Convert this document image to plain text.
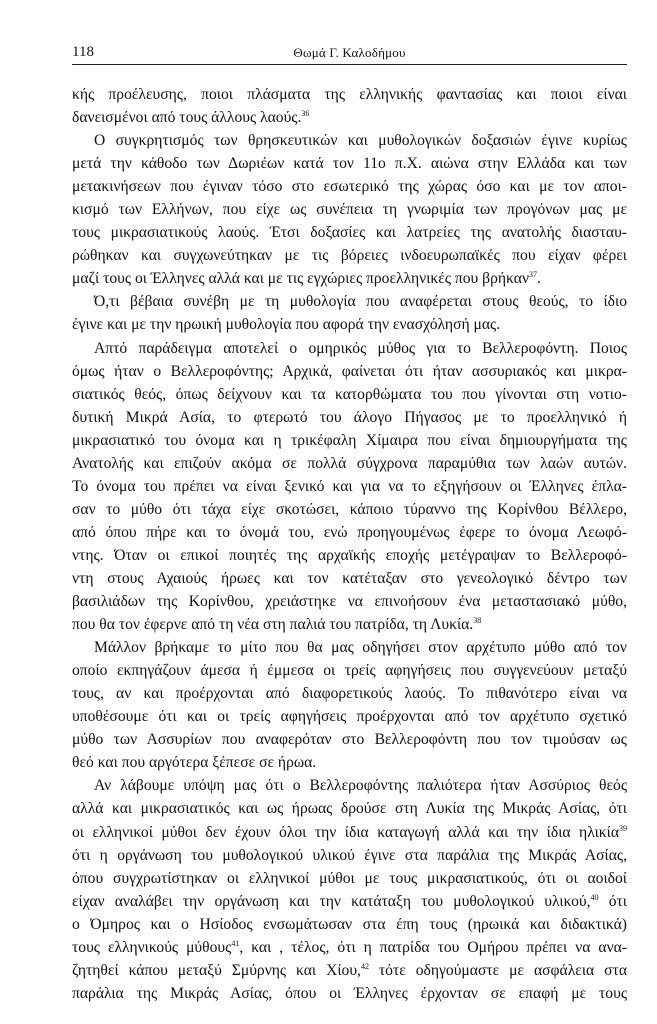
118	Θωμά Γ. Καλοδήμου
κής προέλευσης, ποιοι πλάσματα της ελληνικής φαντασίας και ποιοι είναι
δανεισμένοι από τους άλλους λαούς.$^{36}$
Ο συγκρητισμός των θρησκευτικών και μυθολογικών δοξασιών έγινε κυρίως
μετά την κάθοδο των Δωριέων κατά τον 11ο π.Χ. αιώνα στην Ελλάδα και των
μετακινήσεων που έγιναν τόσο στο εσωτερικό της χώρας όσο και με τον αποι-
κισμό των Ελλήνων, που είχε ως συνέπεια τη γνωριμία των προγόνων μας με
τους μικρασιατικούς λαούς. Έτσι δοξασίες και λατρείες της ανατολής διασταυ-
ρώθηκαν και συγχωνεύτηκαν με τις βόρειες ινδοευρωπαϊκές που είχαν φέρει
μαζί τους οι Έλληνες αλλά και με τις εγχώριες προελληνικές που βρήκαν$^{37}$.
Ό,τι βέβαια συνέβη με τη μυθολογία που αναφέρεται στους θεούς, το ίδιο
έγινε και με την ηρωική μυθολογία που αφορά την ενασχόλησή μας.
Απτό παράδειγμα αποτελεί ο ομηρικός μύθος για το Βελλεροφόντη. Ποιος
όμως ήταν ο Βελλεροφόντης; Αρχικά, φαίνεται ότι ήταν ασσυριακός και μικρα-
σιατικός θεός, όπως δείχνουν και τα κατορθώματα του που γίνονται στη νοτιο-
δυτική Μικρά Ασία, το φτερωτό του άλογο Πήγασος με το προελληνικό ή
μικρασιατικό του όνομα και η τρικέφαλη Χίμαιρα που είναι δημιουργήματα της
Ανατολής και επιζούν ακόμα σε πολλά σύγχρονα παραμύθια των λαών αυτών.
Το όνομα του πρέπει να είναι ξενικό και για να το εξηγήσουν οι Έλληνες έπλα-
σαν το μύθο ότι τάχα είχε σκοτώσει, κάποιο τύραννο της Κορίνθου Βέλλερο,
από όπου πήρε και το όνομά του, ενώ προηγουμένως έφερε το όνομα Λεωφό-
ντης. Όταν οι επικοί ποιητές της αρχαϊκής εποχής μετέγραψαν το Βελλεροφό-
ντη στους Αχαιούς ήρωες και τον κατέταξαν στο γενεολογικό δέντρο των
βασιλιάδων της Κορίνθου, χρειάστηκε να επινοήσουν ένα μεταστασιακό μύθο,
που θα τον έφερνε από τη νέα στη παλιά του πατρίδα, τη Λυκία.$^{38}$
Μάλλον βρήκαμε το μίτο που θα μας οδηγήσει στον αρχέτυπο μύθο από τον
οποίο εκπηγάζουν άμεσα ή έμμεσα οι τρείς αφηγήσεις που συγγενεύουν μεταξύ
τους, αν και προέρχονται από διαφορετικούς λαούς. Το πιθανότερο είναι να
υποθέσουμε ότι και οι τρείς αφηγήσεις προέρχονται από τον αρχέτυπο σχετικό
μύθο των Ασσυρίων που αναφερόταν στο Βελλεροφόντη που τον τιμούσαν ως
θεό και που αργότερα ξέπεσε σε ήρωα.
Αν λάβουμε υπόψη μας ότι ο Βελλεροφόντης παλιότερα ήταν Ασσύριος θεός
αλλά και μικρασιατικός και ως ήρωας δρούσε στη Λυκία της Μικράς Ασίας, ότι
οι ελληνικοί μύθοι δεν έχουν όλοι την ίδια καταγωγή αλλά και την ίδια ηλικία$^{39}$
ότι η οργάνωση του μυθολογικού υλικού έγινε στα παράλια της Μικράς Ασίας,
όπου συγχρωτίστηκαν οι ελληνικοί μύθοι με τους μικρασιατικούς, ότι οι αοιδοί
είχαν αναλάβει την οργάνωση και την κατάταξη του μυθολογικού υλικού,$^{40}$ ότι
ο Όμηρος και ο Ησίοδος ενσωμάτωσαν στα έπη τους (ηρωικά και διδακτικά)
τους ελληνικούς μύθους$^{41}$, και , τέλος, ότι η πατρίδα του Ομήρου πρέπει να ανα-
ζητηθεί κάπου μεταξύ Σμύρνης και Χίου,$^{42}$ τότε οδηγούμαστε με ασφάλεια στα
παράλια της Μικράς Ασίας, όπου οι Έλληνες έρχονταν σε επαφή με τους
